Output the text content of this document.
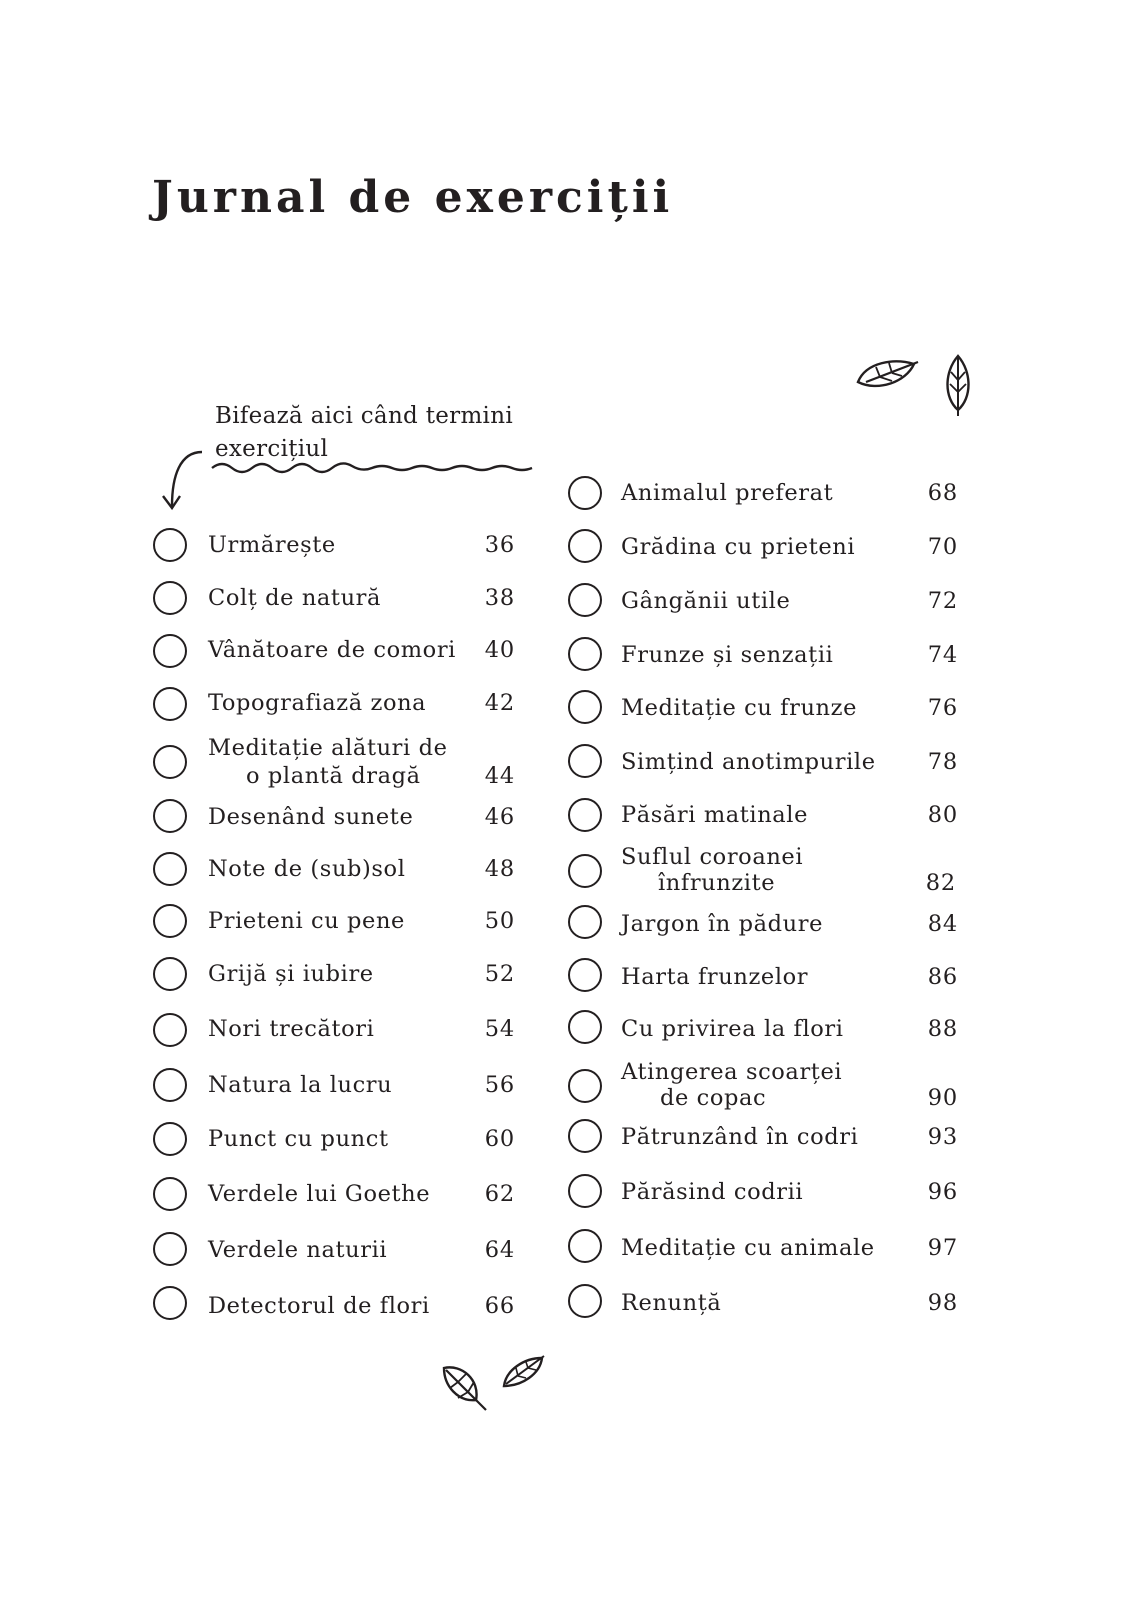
Jurnal de exerciții
Bifează aici când termini
exercițiul
Urmărește	36
Colț de natură	38
Vânătoare de comori	40
Topografiază zona	42
Meditație alături de
o plantă dragă	44
Desenând sunete	46
Note de (sub)sol	48
Prieteni cu pene	50
Grijă și iubire	52
Nori trecători	54
Natura la lucru	56
Punct cu punct	60
Verdele lui Goethe	62
Verdele naturii	64
Detectorul de flori	66
Animalul preferat	68
Grădina cu prieteni	70
Gângănii utile	72
Frunze și senzații	74
Meditație cu frunze	76
Simțind anotimpurile	78
Păsări matinale	80
Suflul coroanei
înfrunzite	82
Jargon în pădure	84
Harta frunzelor	86
Cu privirea la flori	88
Atingerea scoarței
de copac	90
Pătrunzând în codri	93
Părăsind codrii	96
Meditație cu animale	97
Renunță	98
